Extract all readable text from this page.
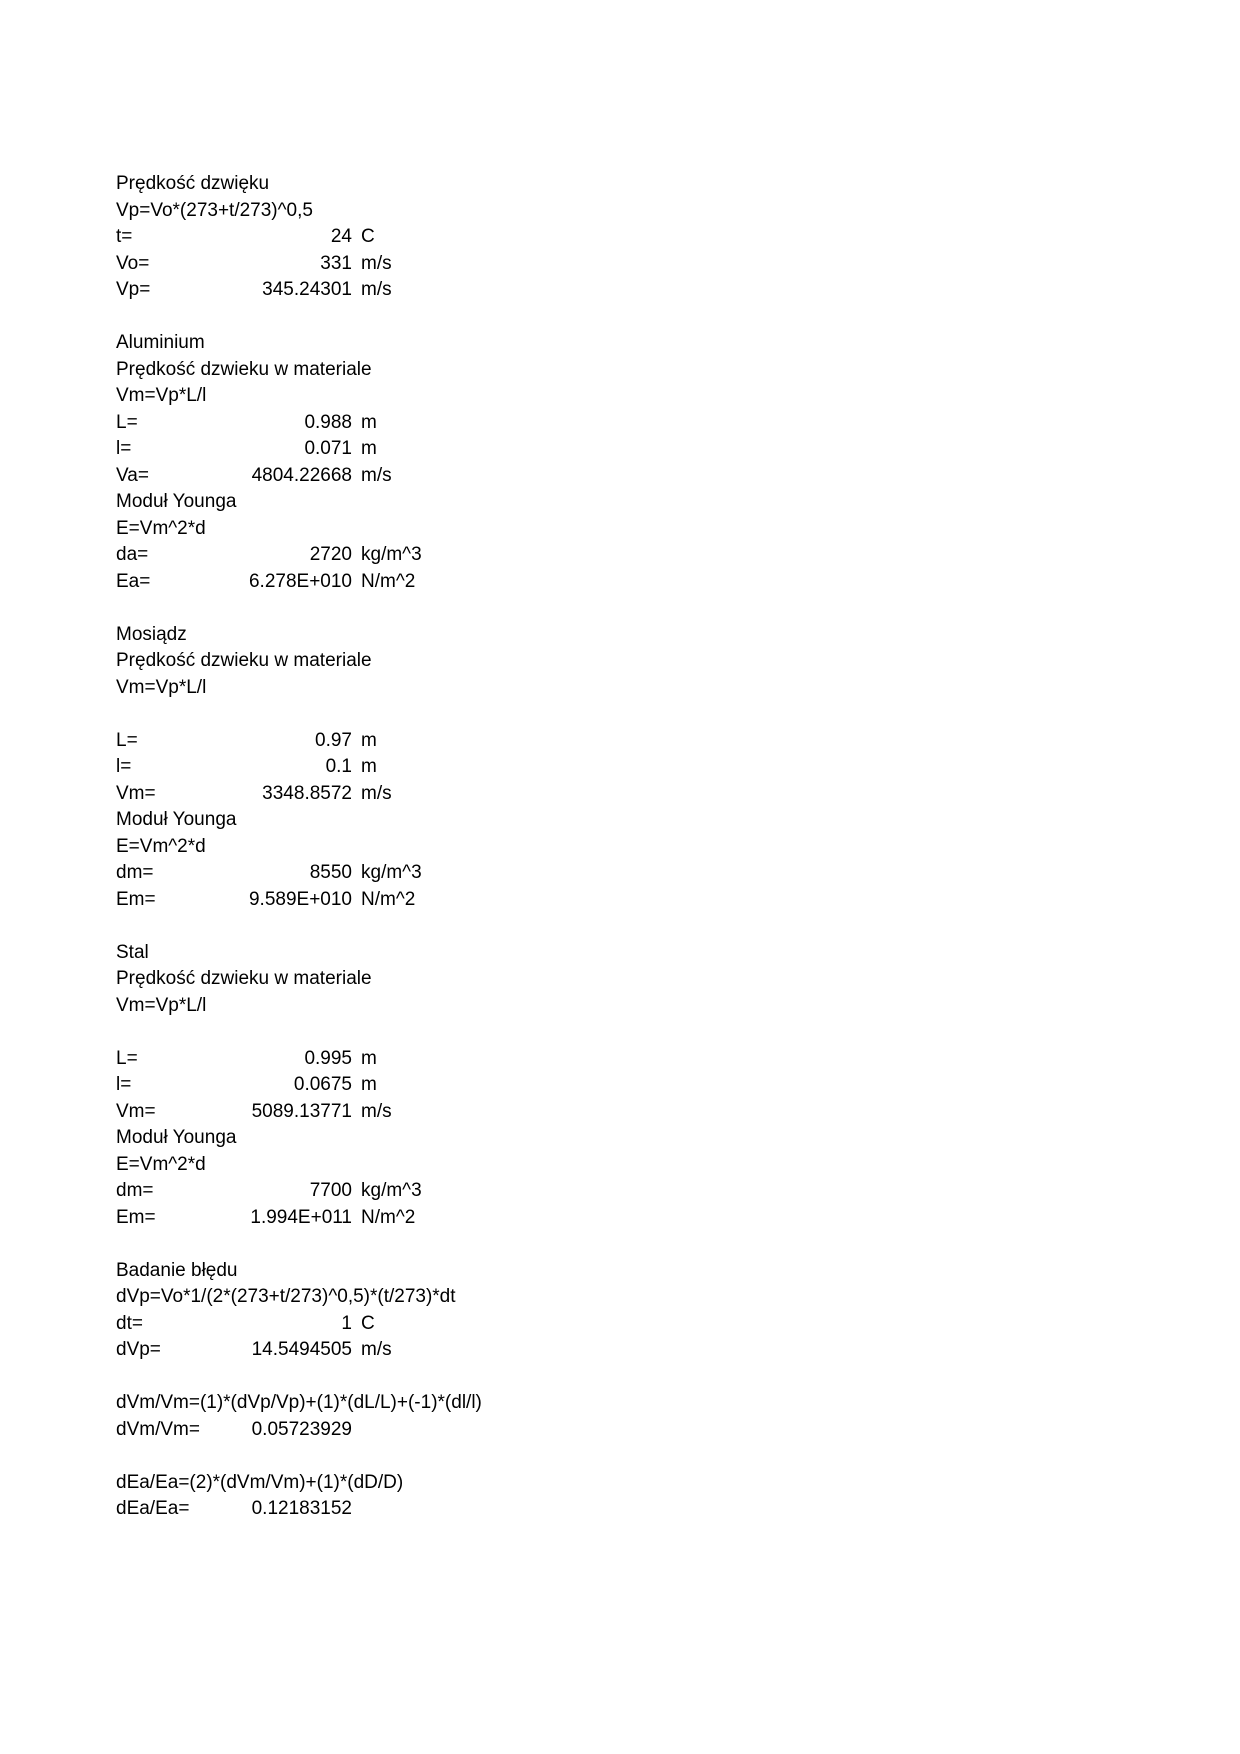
Prędkość dzwięku
Vp=Vo*(273+t/273)^0,5
t=	24 C
Vo=	331 m/s
Vp=	345.24301 m/s
Aluminium
Prędkość dzwieku w materiale
Vm=Vp*L/l
L=	0.988 m
l=	0.071 m
Va=	4804.22668 m/s
Moduł Younga
E=Vm^2*d
da=	2720 kg/m^3
Ea=	6.278E+010 N/m^2
Mosiądz
Prędkość dzwieku w materiale
Vm=Vp*L/l
L=	0.97 m
l=	0.1 m
Vm=	3348.8572 m/s
Moduł Younga
E=Vm^2*d
dm=	8550 kg/m^3
Em=	9.589E+010 N/m^2
Stal
Prędkość dzwieku w materiale
Vm=Vp*L/l
L=	0.995 m
l=	0.0675 m
Vm=	5089.13771 m/s
Moduł Younga
E=Vm^2*d
dm=	7700 kg/m^3
Em=	1.994E+011 N/m^2
Badanie błędu
dVp=Vo*1/(2*(273+t/273)^0,5)*(t/273)*dt
dt=	1 C
dVp=	14.5494505 m/s
dVm/Vm=(1)*(dVp/Vp)+(1)*(dL/L)+(-1)*(dl/l)
dVm/Vm=	0.05723929
dEa/Ea=(2)*(dVm/Vm)+(1)*(dD/D)
dEa/Ea=	0.12183152
